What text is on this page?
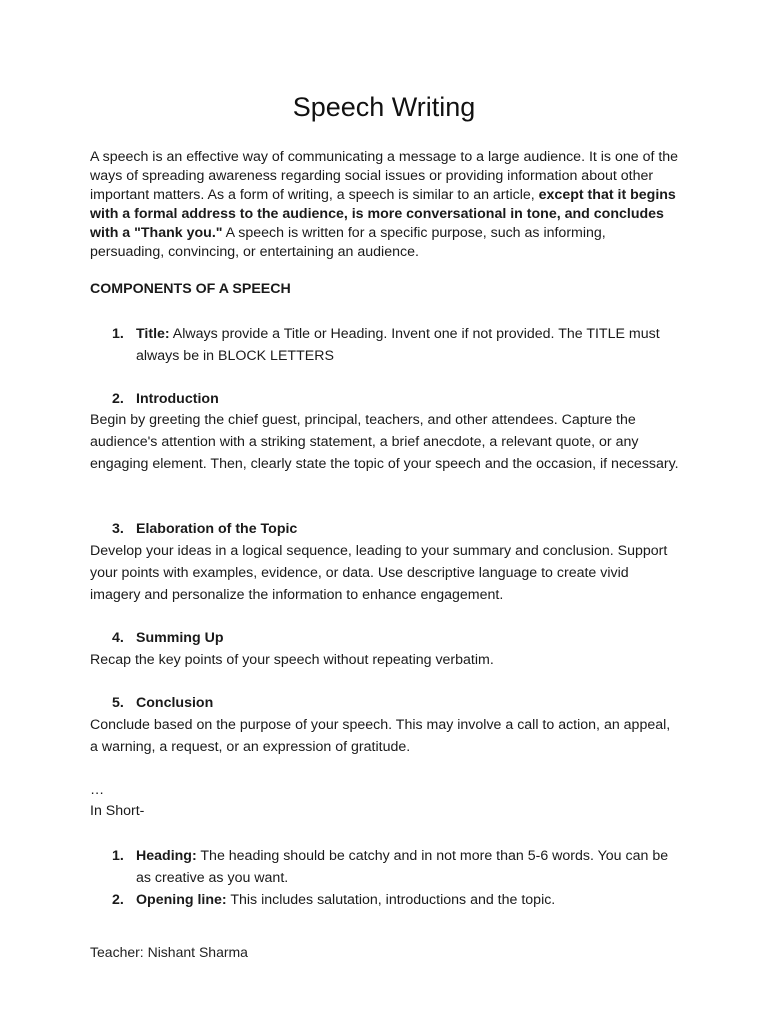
Speech Writing

A speech is an effective way of communicating a message to a large audience. It is one of the ways of spreading awareness regarding social issues or providing information about other important matters. As a form of writing, a speech is similar to an article, except that it begins with a formal address to the audience, is more conversational in tone, and concludes with a "Thank you." A speech is written for a specific purpose, such as informing, persuading, convincing, or entertaining an audience.

COMPONENTS OF A SPEECH

1. Title: Always provide a Title or Heading. Invent one if not provided. The TITLE must always be in BLOCK LETTERS
2. Introduction

Begin by greeting the chief guest, principal, teachers, and other attendees. Capture the audience's attention with a striking statement, a brief anecdote, a relevant quote, or any engaging element. Then, clearly state the topic of your speech and the occasion, if necessary.

3. Elaboration of the Topic

Develop your ideas in a logical sequence, leading to your summary and conclusion. Support your points with examples, evidence, or data. Use descriptive language to create vivid imagery and personalize the information to enhance engagement.

4. Summing Up

Recap the key points of your speech without repeating verbatim.

5. Conclusion

Conclude based on the purpose of your speech. This may involve a call to action, an appeal, a warning, a request, or an expression of gratitude.

…

In Short-

1. Heading: The heading should be catchy and in not more than 5-6 words. You can be as creative as you want.
2. Opening line: This includes salutation, introductions and the topic.

Teacher: Nishant Sharma
